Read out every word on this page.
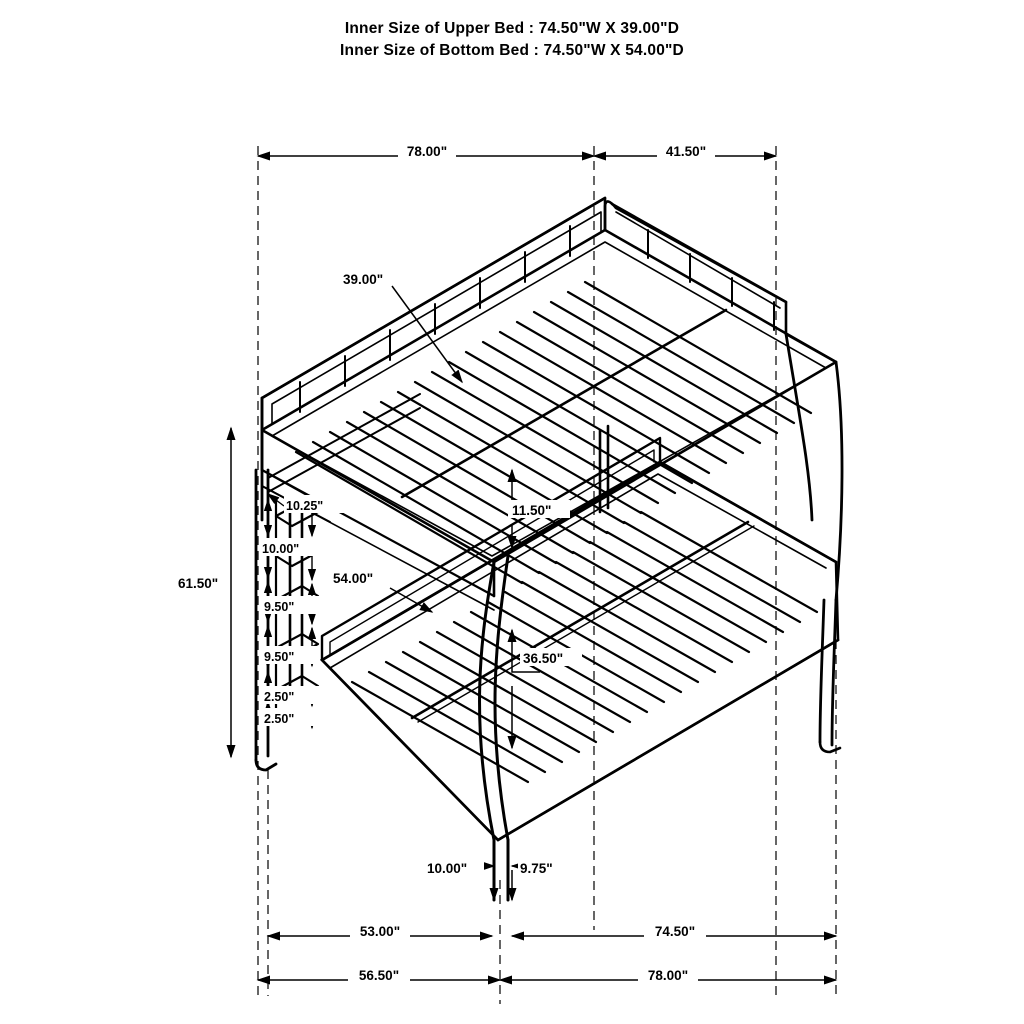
Inner Size of Upper Bed : 74.50"W X 39.00"D
Inner Size of Bottom Bed : 74.50"W X 54.00"D
78.00"	41.50"
39.00"
61.50"
10.25"
10.00"
9.50"
9.50"
2.50"
2.50"
11.50"
54.00"
36.50"
10.00"	9.75"
53.00"	74.50"
56.50"	78.00"
